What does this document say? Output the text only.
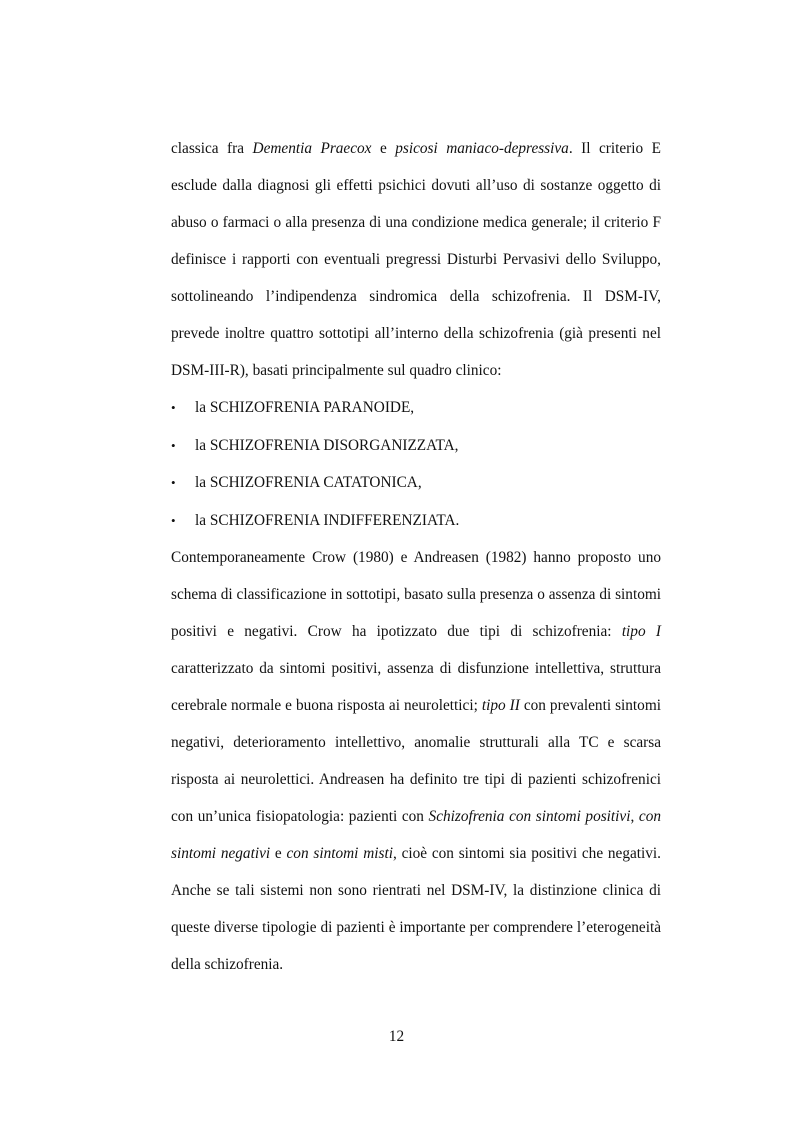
classica fra Dementia Praecox e psicosi maniaco-depressiva. Il criterio E esclude dalla diagnosi gli effetti psichici dovuti all’uso di sostanze oggetto di abuso o farmaci o alla presenza di una condizione medica generale; il criterio F definisce i rapporti con eventuali pregressi Disturbi Pervasivi dello Sviluppo, sottolineando l’indipendenza sindromica della schizofrenia. Il DSM-IV, prevede inoltre quattro sottotipi all’interno della schizofrenia (già presenti nel DSM-III-R), basati principalmente sul quadro clinico:

• la SCHIZOFRENIA PARANOIDE,
• la SCHIZOFRENIA DISORGANIZZATA,
• la SCHIZOFRENIA CATATONICA,
• la SCHIZOFRENIA INDIFFERENZIATA.

Contemporaneamente Crow (1980) e Andreasen (1982) hanno proposto uno schema di classificazione in sottotipi, basato sulla presenza o assenza di sintomi positivi e negativi. Crow ha ipotizzato due tipi di schizofrenia: tipo I caratterizzato da sintomi positivi, assenza di disfunzione intellettiva, struttura cerebrale normale e buona risposta ai neurolettici; tipo II con prevalenti sintomi negativi, deterioramento intellettivo, anomalie strutturali alla TC e scarsa risposta ai neurolettici. Andreasen ha definito tre tipi di pazienti schizofrenici con un’unica fisiopatologia: pazienti con Schizofrenia con sintomi positivi, con sintomi negativi e con sintomi misti, cioè con sintomi sia positivi che negativi. Anche se tali sistemi non sono rientrati nel DSM-IV, la distinzione clinica di queste diverse tipologie di pazienti è importante per comprendere l’eterogeneità della schizofrenia.

12
